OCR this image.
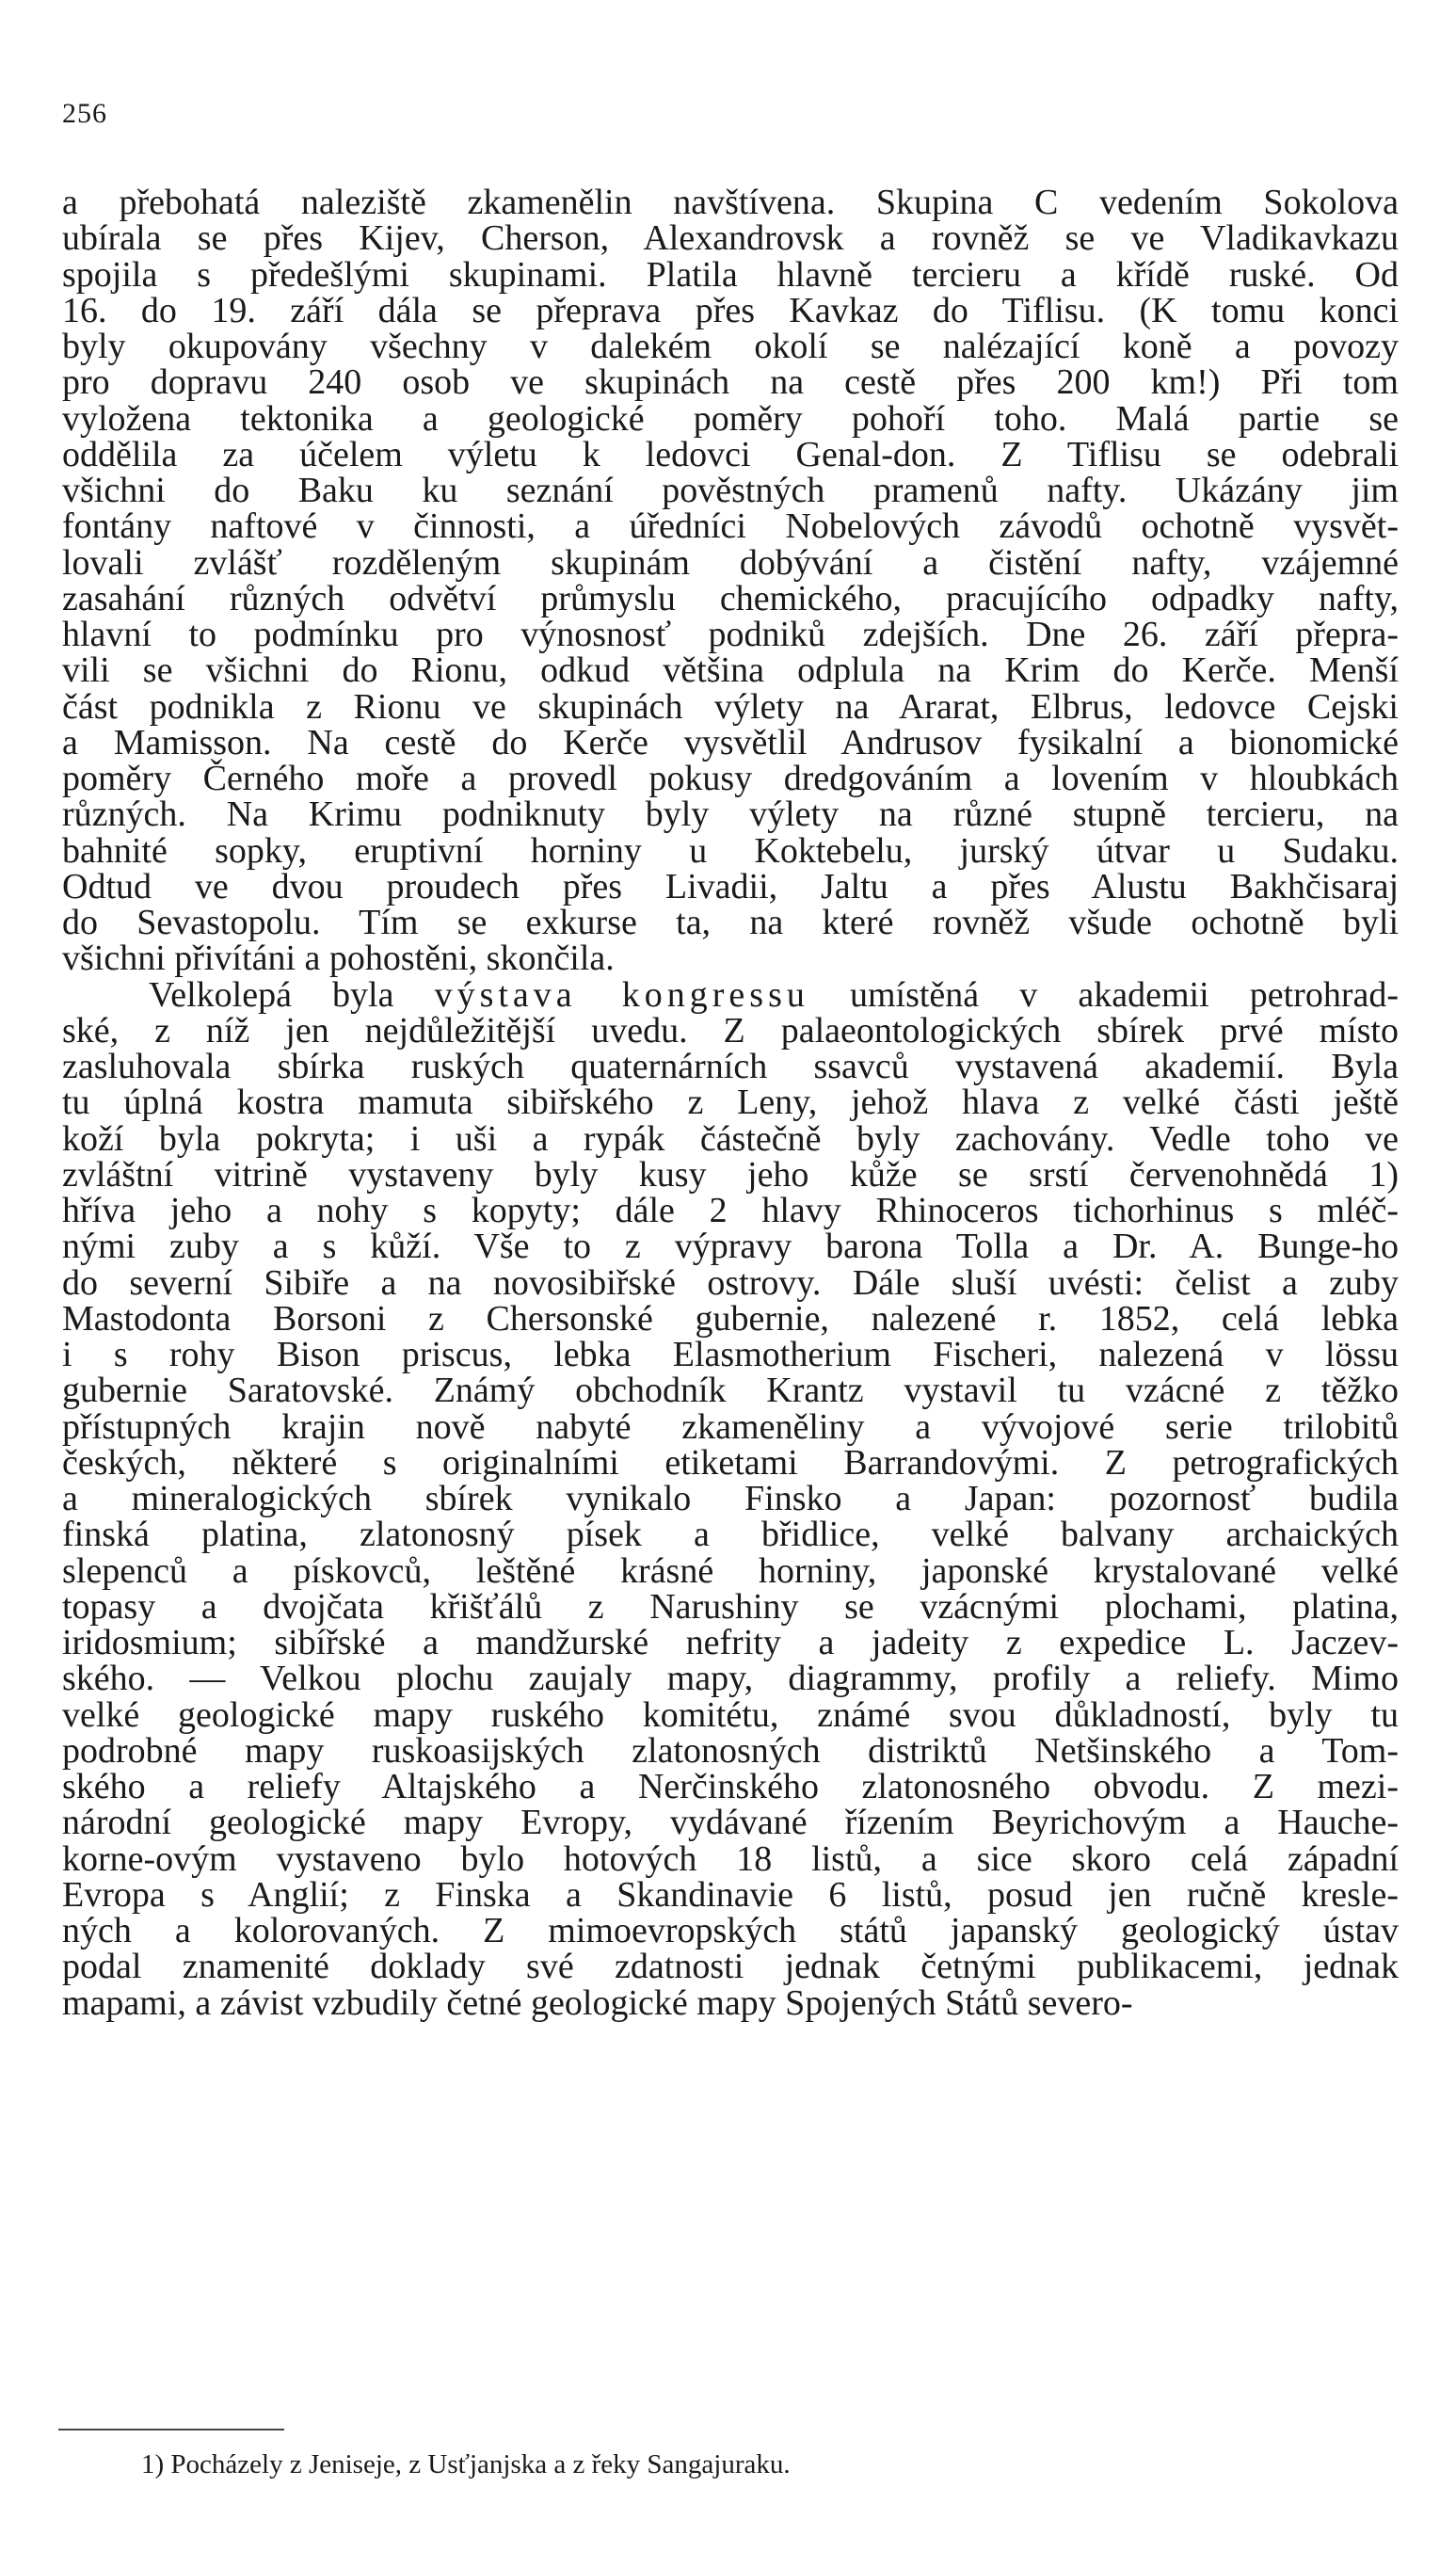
256
a přebohatá naleziště zkamenělin navštívena. Skupina C vedením Sokolova
ubírala se přes Kijev, Cherson, Alexandrovsk a rovněž se ve Vladikavkazu
spojila s předešlými skupinami. Platila hlavně tercieru a křídě ruské. Od
16. do 19. září dála se přeprava přes Kavkaz do Tiflisu. (K tomu konci
byly okupovány všechny v dalekém okolí se nalézající koně a povozy
pro dopravu 240 osob ve skupinách na cestě přes 200 km!) Při tom
vyložena tektonika a geologické poměry pohoří toho. Malá partie se
oddělila za účelem výletu k ledovci Genal-don. Z Tiflisu se odebrali
všichni do Baku ku seznání pověstných pramenů nafty. Ukázány jim
fontány naftové v činnosti, a úředníci Nobelových závodů ochotně vysvět-
lovali zvlášť rozděleným skupinám dobývání a čistění nafty, vzájemné
zasahání různých odvětví průmyslu chemického, pracujícího odpadky nafty,
hlavní to podmínku pro výnosnosť podniků zdejších. Dne 26. září přepra-
vili se všichni do Rionu, odkud většina odplula na Krim do Kerče. Menší
část podnikla z Rionu ve skupinách výlety na Ararat, Elbrus, ledovce Cejski
a Mamisson. Na cestě do Kerče vysvětlil Andrusov fysikalní a bionomické
poměry Černého moře a provedl pokusy dredgováním a lovením v hloubkách
různých. Na Krimu podniknuty byly výlety na různé stupně tercieru, na
bahnité sopky, eruptivní horniny u Koktebelu, jurský útvar u Sudaku.
Odtud ve dvou proudech přes Livadii, Jaltu a přes Alustu Bakhčisaraj
do Sevastopolu. Tím se exkurse ta, na které rovněž všude ochotně byli
všichni přivítáni a pohostěni, skončila.
Velkolepá byla výstava kongressu umístěná v akademii petrohrad-
ské, z níž jen nejdůležitější uvedu. Z palaeontologických sbírek prvé místo
zasluhovala sbírka ruských quaternárních ssavců vystavená akademií. Byla
tu úplná kostra mamuta sibiřského z Leny, jehož hlava z velké části ještě
koží byla pokryta; i uši a rypák částečně byly zachovány. Vedle toho ve
zvláštní vitrině vystaveny byly kusy jeho kůže se srstí červenohnědá 1)
hříva jeho a nohy s kopyty; dále 2 hlavy Rhinoceros tichorhinus s mléč-
nými zuby a s kůží. Vše to z výpravy barona Tolla a Dr. A. Bunge-ho
do severní Sibiře a na novosibiřské ostrovy. Dále sluší uvésti: čelist a zuby
Mastodonta Borsoni z Chersonské gubernie, nalezené r. 1852, celá lebka
i s rohy Bison priscus, lebka Elasmotherium Fischeri, nalezená v lössu
gubernie Saratovské. Známý obchodník Krantz vystavil tu vzácné z těžko
přístupných krajin nově nabyté zkameněliny a vývojové serie trilobitů
českých, některé s originalními etiketami Barrandovými. Z petrografických
a mineralogických sbírek vynikalo Finsko a Japan: pozornosť budila
finská platina, zlatonosný písek a břidlice, velké balvany archaických
slepenců a pískovců, leštěné krásné horniny, japonské krystalované velké
topasy a dvojčata křišťálů z Narushiny se vzácnými plochami, platina,
iridosmium; sibířské a mandžurské nefrity a jadeity z expedice L. Jaczev-
ského. — Velkou plochu zaujaly mapy, diagrammy, profily a reliefy. Mimo
velké geologické mapy ruského komitétu, známé svou důkladností, byly tu
podrobné mapy ruskoasijských zlatonosných distriktů Netšinského a Tom-
ského a reliefy Altajského a Nerčinského zlatonosného obvodu. Z mezi-
národní geologické mapy Evropy, vydávané řízením Beyrichovým a Hauche-
korne-ovým vystaveno bylo hotových 18 listů, a sice skoro celá západní
Evropa s Anglií; z Finska a Skandinavie 6 listů, posud jen ručně kresle-
ných a kolorovaných. Z mimoevropských států japanský geologický ústav
podal znamenité doklady své zdatnosti jednak četnými publikacemi, jednak
mapami, a závist vzbudily četné geologické mapy Spojených Států severo-
1) Pocházely z Jeniseje, z Usťjanjska a z řeky Sangajuraku.
